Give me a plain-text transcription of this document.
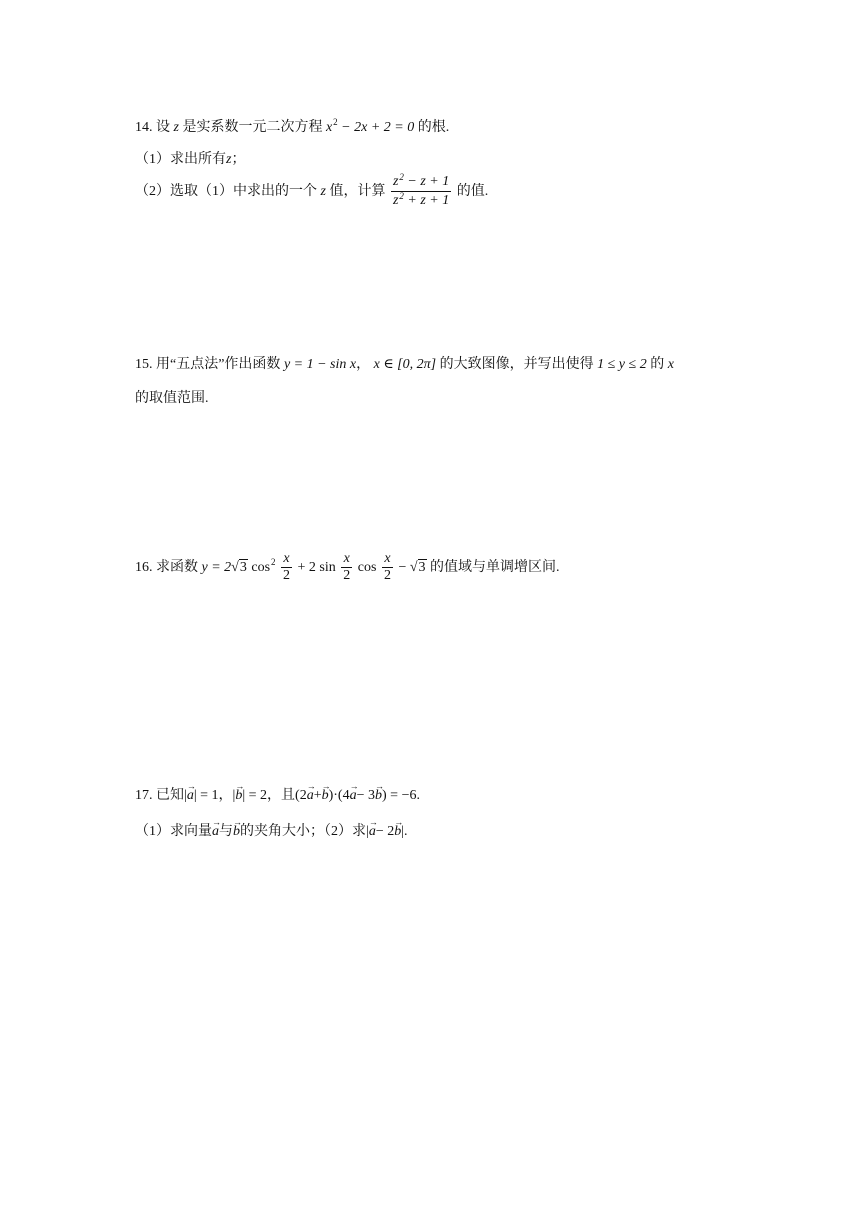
14. 设 z 是实系数一元二次方程 $x^2 - 2x + 2 = 0$ 的根.
（1）求出所有z；
（2）选取（1）中求出的一个 z 值，计算 $\frac{z^2 - z + 1}{z^2 + z + 1}$ 的值.
15. 用“五点法”作出函数 y = 1 − sin x， x ∈ [0, 2π] 的大致图像，并写出使得 1 ≤ y ≤ 2 的 x
的取值范围.
16. 求函数 y = 2√3 $\cos^2 \frac{x}{2} + 2$ $\sin \frac{x}{2}$ $\cos \frac{x}{2} - √3$ 的值域与单调增区间.
17. 已知|→ a| = 1，|→ b| = 2，且(2→ a+→ b)·(4→ a− 3→ b) = −6.
（1）求向量→ a与→ b的夹角大小；（2）求|→ a− 2→ b|.
